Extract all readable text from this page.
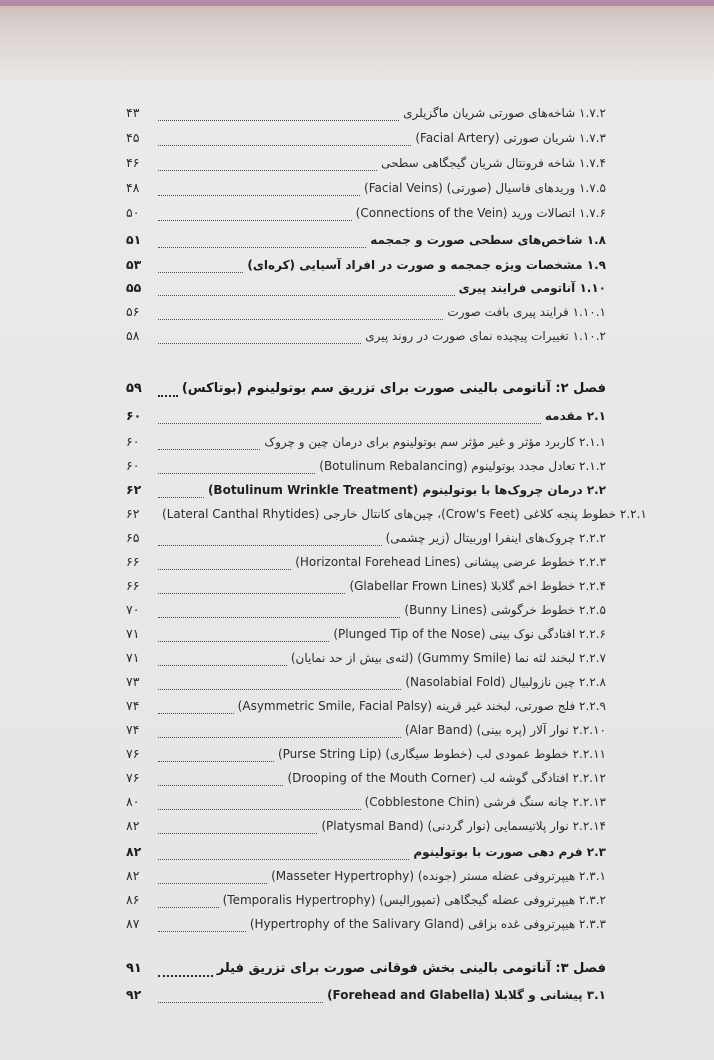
۴۳	۱.۷.۲ شاخه‌های صورتی شریان ماگزیلری
۴۵	۱.۷.۳ شریان صورتی (Facial Artery)
۴۶	۱.۷.۴ شاخه فرونتال شریان گیجگاهی سطحی
۴۸	۱.۷.۵ وریدهای فاسیال (صورتی) (Facial Veins)
۵۰	۱.۷.۶ اتصالات ورید (Connections of the Vein)
۵۱	۱.۸ شاخص‌های سطحی صورت و جمجمه
۵۳	۱.۹ مشخصات ویژه جمجمه و صورت در افراد آسیایی (کره‌ای)
۵۵	۱.۱۰ آناتومی فرایند پیری
۵۶	۱.۱۰.۱ فرایند پیری بافت صورت
۵۸	۱.۱۰.۲ تغییرات پیچیده نمای صورت در روند پیری
۵۹	فصل ۲: آناتومی بالینی صورت برای تزریق سم بوتولینوم (بوتاکس)
۶۰	۲.۱ مقدمه
۶۰	۲.۱.۱ کاربرد مؤثر و غیر مؤثر سم بوتولینوم برای درمان چین و چروک
۶۰	۲.۱.۲ تعادل مجدد بوتولینوم (Botulinum Rebalancing)
۶۲	۲.۲ درمان چروک‌ها با بوتولینوم (Botulinum Wrinkle Treatment)
۶۲	۲.۲.۱ خطوط پنجه کلاغی (Crow's Feet)، چین‌های کانتال خارجی (Lateral Canthal Rhytides)
۶۵	۲.۲.۲ چروک‌های اینفرا اوربیتال (زیر چشمی)
۶۶	۲.۲.۳ خطوط عرضی پیشانی (Horizontal Forehead Lines)
۶۶	۲.۲.۴ خطوط اخم گلابلا (Glabellar Frown Lines)
۷۰	۲.۲.۵ خطوط خرگوشی (Bunny Lines)
۷۱	۲.۲.۶ افتادگی نوک بینی (Plunged Tip of the Nose)
۷۱	۲.۲.۷ لبخند لثه نما (Gummy Smile) (لثه‌ی بیش از حد نمایان)
۷۳	۲.۲.۸ چین نازولبیال (Nasolabial Fold)
۷۴	۲.۲.۹ فلج صورتی، لبخند غیر قرینه (Asymmetric Smile, Facial Palsy)
۷۴	۲.۲.۱۰ نوار آلار (پره بینی) (Alar Band)
۷۶	۲.۲.۱۱ خطوط عمودی لب (خطوط سیگاری) (Purse String Lip)
۷۶	۲.۲.۱۲ افتادگی گوشه لب (Drooping of the Mouth Corner)
۸۰	۲.۲.۱۳ چانه سنگ فرشی (Cobblestone Chin)
۸۲	۲.۲.۱۴ نوار پلاتیسمایی (نوار گردنی) (Platysmal Band)
۸۲	۲.۳ فرم دهی صورت با بوتولینوم
۸۲	۲.۳.۱ هیپرتروفی عضله مستر (جونده) (Masseter Hypertrophy)
۸۶	۲.۳.۲ هیپرتروفی عضله گیجگاهی (تمپورالیس) (Temporalis Hypertrophy)
۸۷	۲.۳.۳ هیپرتروفی غده بزاقی (Hypertrophy of the Salivary Gland)
۹۱	فصل ۳: آناتومی بالینی بخش فوقانی صورت برای تزریق فیلر
۹۲	۳.۱ پیشانی و گلابلا (Forehead and Glabella)
